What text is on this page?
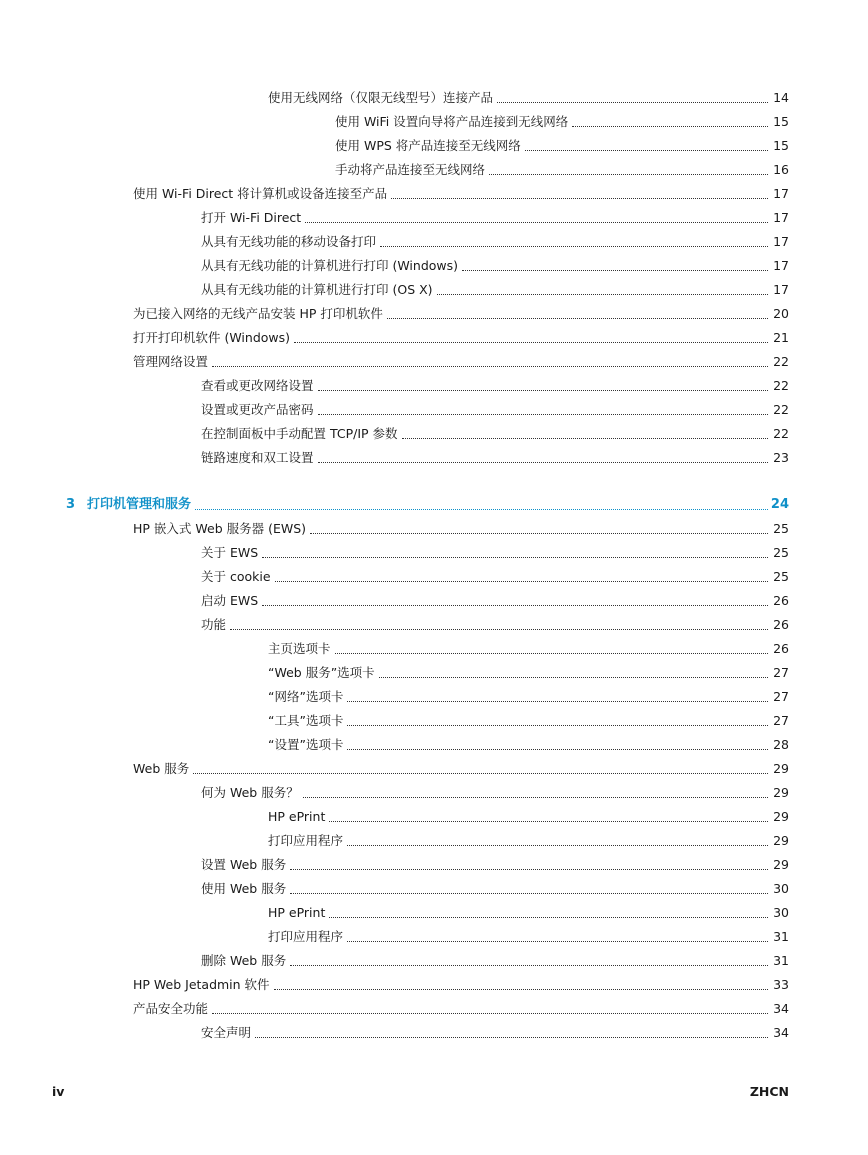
使用无线网络（仅限无线型号）连接产品	14
使用 WiFi 设置向导将产品连接到无线网络	15
使用 WPS 将产品连接至无线网络	15
手动将产品连接至无线网络	16
使用 Wi-Fi Direct 将计算机或设备连接至产品	17
打开 Wi-Fi Direct	17
从具有无线功能的移动设备打印	17
从具有无线功能的计算机进行打印 (Windows)	17
从具有无线功能的计算机进行打印 (OS X)	17
为已接入网络的无线产品安装 HP 打印机软件	20
打开打印机软件 (Windows)	21
管理网络设置	22
查看或更改网络设置	22
设置或更改产品密码	22
在控制面板中手动配置 TCP/IP 参数	22
链路速度和双工设置	23
3 打印机管理和服务	24
HP 嵌入式 Web 服务器 (EWS)	25
关于 EWS	25
关于 cookie	25
启动 EWS	26
功能	26
主页选项卡	26
“Web 服务”选项卡	27
“网络”选项卡	27
“工具”选项卡	27
“设置”选项卡	28
Web 服务	29
何为 Web 服务？	29
HP ePrint	29
打印应用程序	29
设置 Web 服务	29
使用 Web 服务	30
HP ePrint	30
打印应用程序	31
删除 Web 服务	31
HP Web Jetadmin 软件	33
产品安全功能	34
安全声明	34
iv	ZHCN
